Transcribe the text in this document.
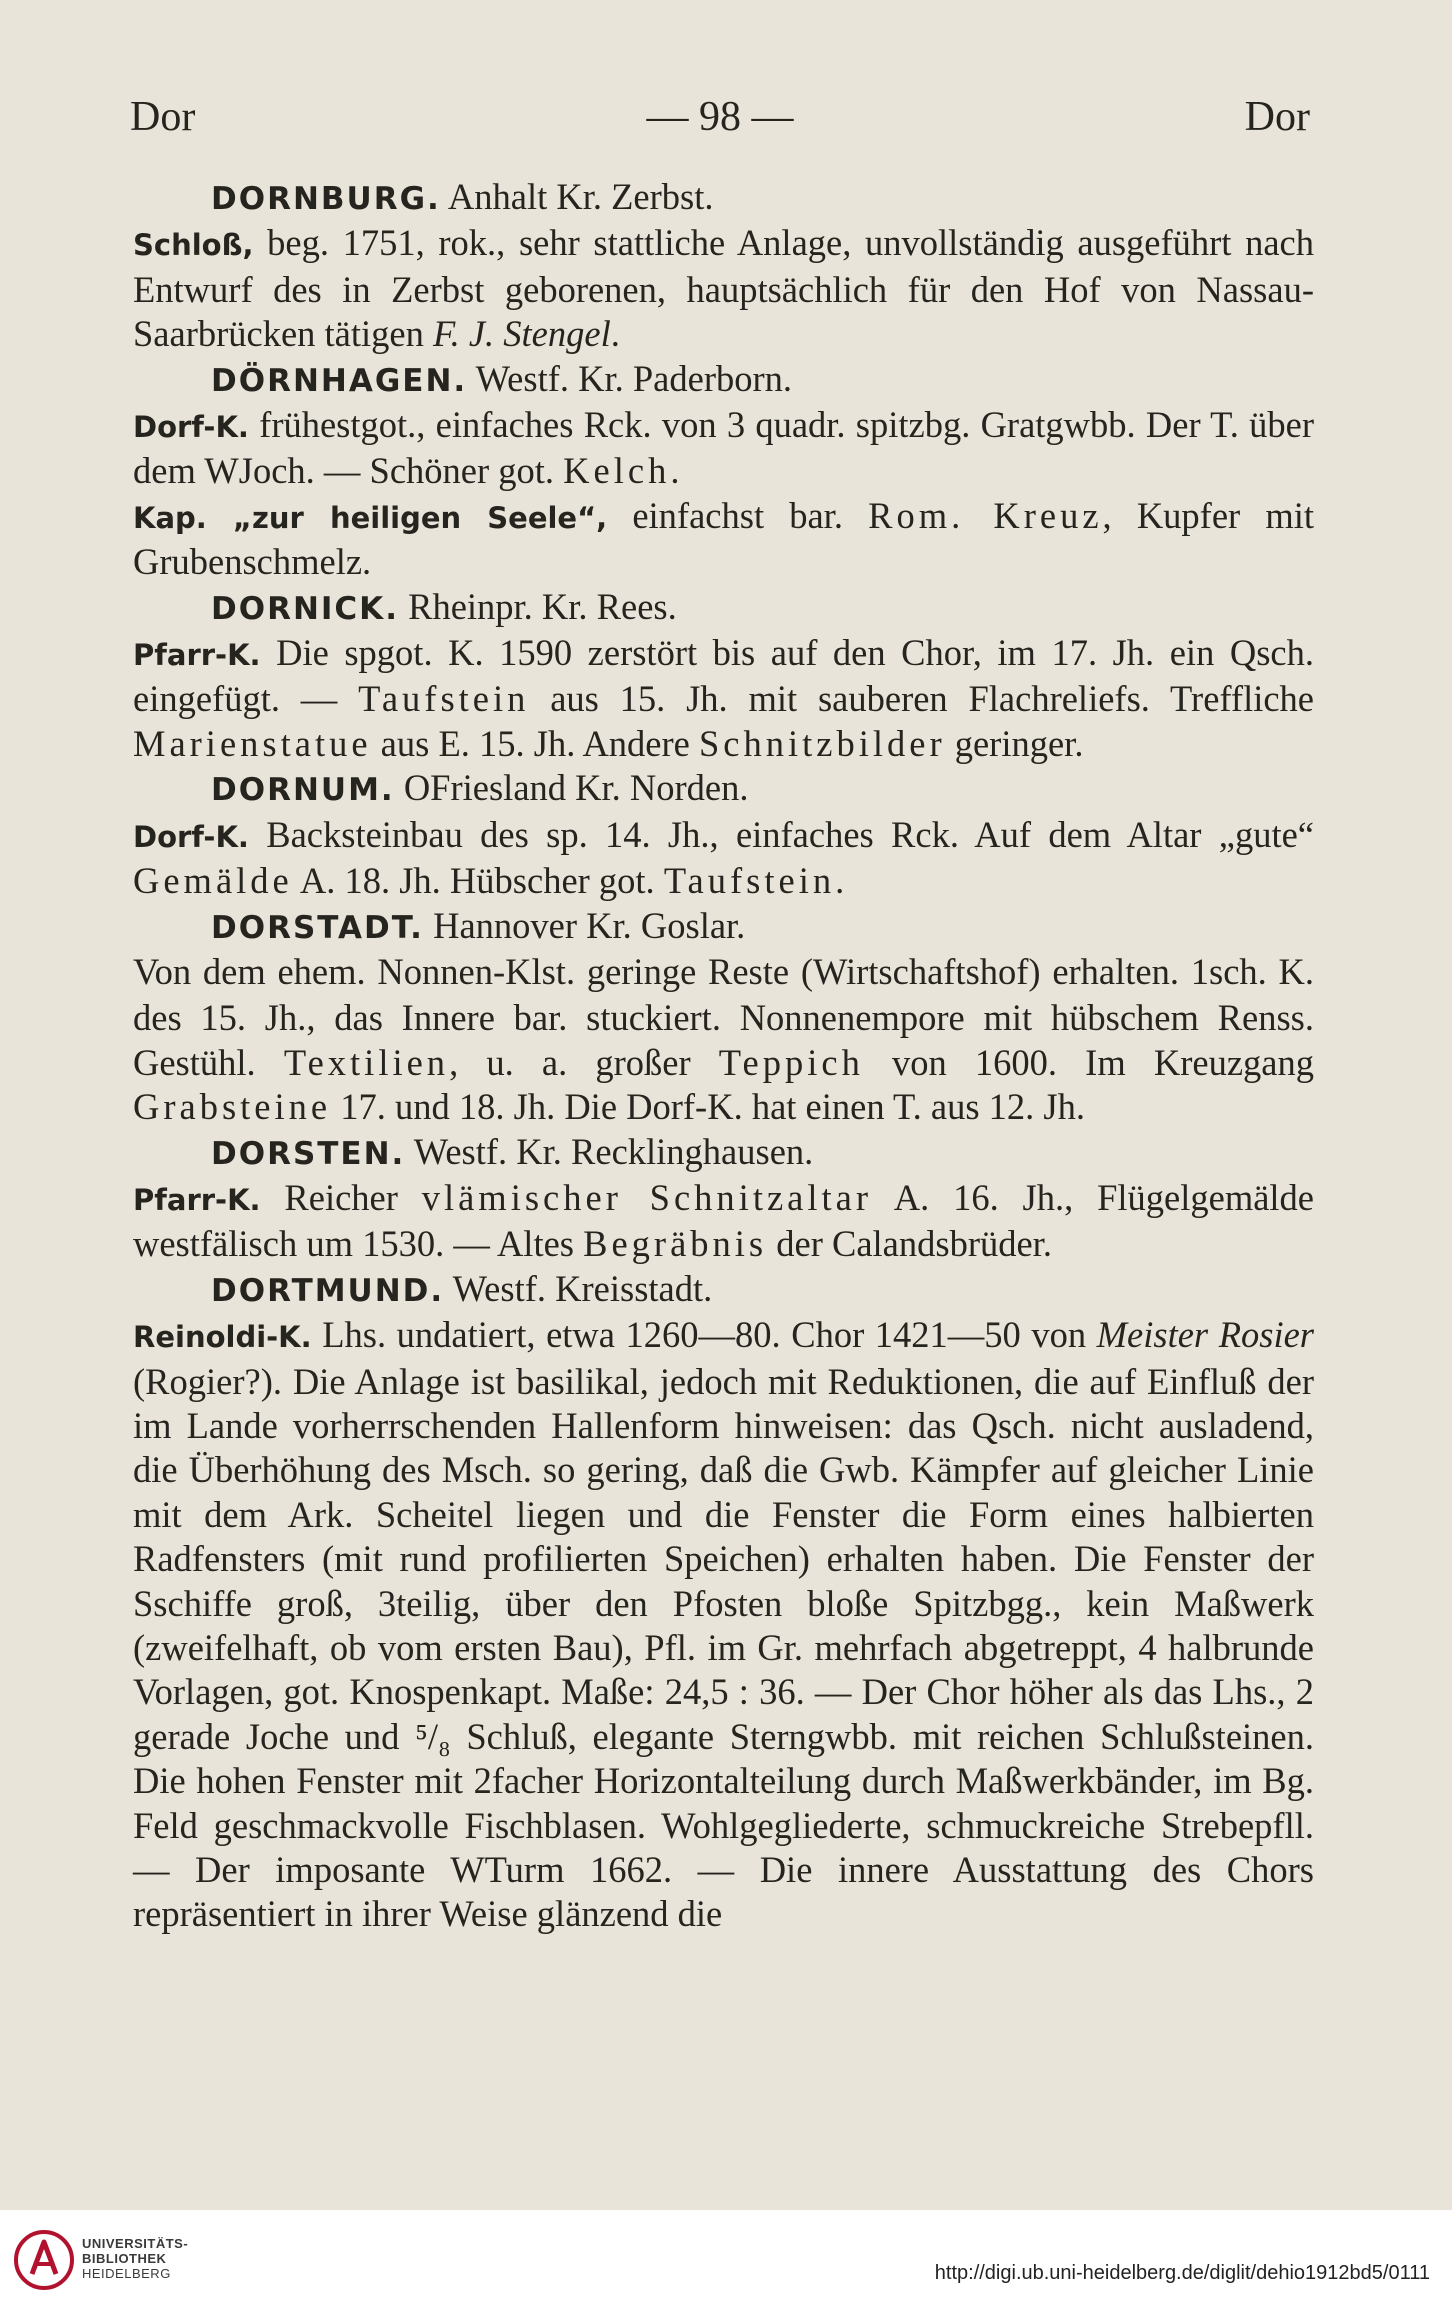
Dor	— 98 —	Dor

DORNBURG. Anhalt Kr. Zerbst.

Schloß, beg. 1751, rok., sehr stattliche Anlage, unvollständig ausgeführt nach Entwurf des in Zerbst geborenen, hauptsächlich für den Hof von Nassau-Saarbrücken tätigen F. J. Stengel.

DÖRNHAGEN. Westf. Kr. Paderborn.

Dorf-K. frühestgot., einfaches Rck. von 3 quadr. spitzbg. Gratgwbb. Der T. über dem WJoch. — Schöner got. Kelch.

Kap. „zur heiligen Seele“, einfachst bar. Rom. Kreuz, Kupfer mit Grubenschmelz.

DORNICK. Rheinpr. Kr. Rees.

Pfarr-K. Die spgot. K. 1590 zerstört bis auf den Chor, im 17. Jh. ein Qsch. eingefügt. — Taufstein aus 15. Jh. mit sauberen Flachreliefs. Treffliche Marienstatue aus E. 15. Jh. Andere Schnitzbilder geringer.

DORNUM. OFriesland Kr. Norden.

Dorf-K. Backsteinbau des sp. 14. Jh., einfaches Rck. Auf dem Altar „gute“ Gemälde A. 18. Jh. Hübscher got. Taufstein.

DORSTADT. Hannover Kr. Goslar.

Von dem ehem. Nonnen-Klst. geringe Reste (Wirtschaftshof) erhalten. 1sch. K. des 15. Jh., das Innere bar. stuckiert. Nonnenempore mit hübschem Renss. Gestühl. Textilien, u. a. großer Teppich von 1600. Im Kreuzgang Grabsteine 17. und 18. Jh. Die Dorf-K. hat einen T. aus 12. Jh.

DORSTEN. Westf. Kr. Recklinghausen.

Pfarr-K. Reicher vlämischer Schnitzaltar A. 16. Jh., Flügelgemälde westfälisch um 1530. — Altes Begräbnis der Calandsbrüder.

DORTMUND. Westf. Kreisstadt.

Reinoldi-K. Lhs. undatiert, etwa 1260—80. Chor 1421—50 von Meister Rosier (Rogier?). Die Anlage ist basilikal, jedoch mit Reduktionen, die auf Einfluß der im Lande vorherrschenden Hallenform hinweisen: das Qsch. nicht ausladend, die Überhöhung des Msch. so gering, daß die Gwb. Kämpfer auf gleicher Linie mit dem Ark. Scheitel liegen und die Fenster die Form eines halbierten Radfensters (mit rund profilierten Speichen) erhalten haben. Die Fenster der Sschiffe groß, 3teilig, über den Pfosten bloße Spitzbgg., kein Maßwerk (zweifelhaft, ob vom ersten Bau), Pfl. im Gr. mehrfach abgetreppt, 4 halbrunde Vorlagen, got. Knospenkapt. Maße: 24,5 : 36. — Der Chor höher als das Lhs., 2 gerade Joche und ⁵/₈ Schluß, elegante Sterngwbb. mit reichen Schlußsteinen. Die hohen Fenster mit 2facher Horizontalteilung durch Maßwerkbänder, im Bg. Feld geschmackvolle Fischblasen. Wohlgegliederte, schmuckreiche Strebepfll. — Der imposante WTurm 1662. — Die innere Ausstattung des Chors repräsentiert in ihrer Weise glänzend die

UNIVERSITÄTS-
BIBLIOTHEK
HEIDELBERG	http://digi.ub.uni-heidelberg.de/diglit/dehio1912bd5/0111
